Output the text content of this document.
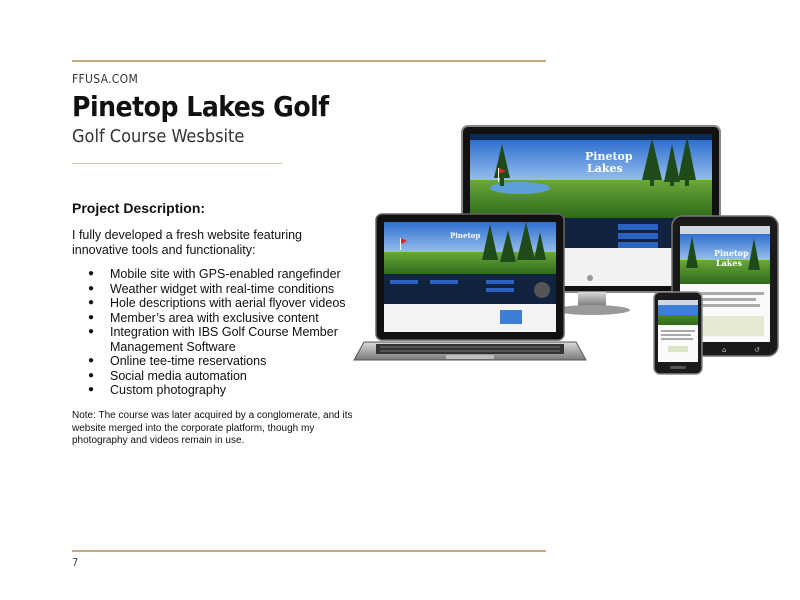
FFUSA.COM
Pinetop Lakes Golf
Golf Course Wesbsite
Project Description:
I fully developed a fresh website featuring innovative tools and functionality:
● Mobile site with GPS-enabled rangefinder
● Weather widget with real-time conditions
● Hole descriptions with aerial flyover videos
● Member’s area with exclusive content
● Integration with IBS Golf Course Member Management Software
● Online tee-time reservations
● Social media automation
● Custom photography
Note: The course was later acquired by a conglomerate, and its website merged into the corporate platform, though my photography and videos remain in use.
Pinetop
Lakes
Pinetop
Pinetop
Lakes
⌂	↺
7
